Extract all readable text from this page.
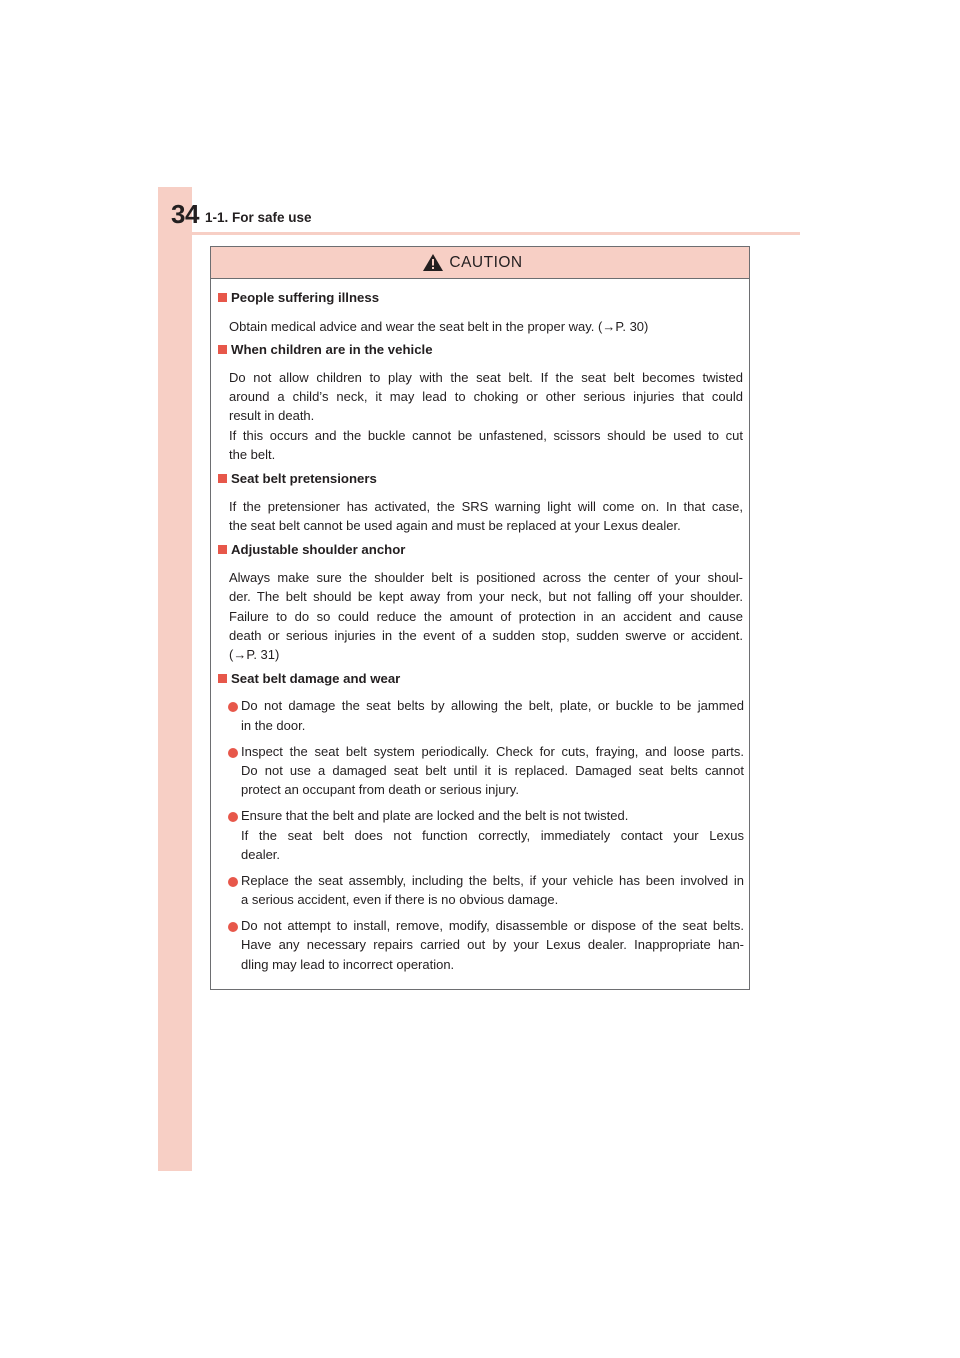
34 1-1. For safe use
CAUTION
People suffering illness
Obtain medical advice and wear the seat belt in the proper way. (→P. 30)
When children are in the vehicle
Do not allow children to play with the seat belt. If the seat belt becomes twisted
around a child’s neck, it may lead to choking or other serious injuries that could
result in death.
If this occurs and the buckle cannot be unfastened, scissors should be used to cut
the belt.
Seat belt pretensioners
If the pretensioner has activated, the SRS warning light will come on. In that case,
the seat belt cannot be used again and must be replaced at your Lexus dealer.
Adjustable shoulder anchor
Always make sure the shoulder belt is positioned across the center of your shoul-
der. The belt should be kept away from your neck, but not falling off your shoulder.
Failure to do so could reduce the amount of protection in an accident and cause
death or serious injuries in the event of a sudden stop, sudden swerve or accident.
(→P. 31)
Seat belt damage and wear
Do not damage the seat belts by allowing the belt, plate, or buckle to be jammed
in the door.
Inspect the seat belt system periodically. Check for cuts, fraying, and loose parts.
Do not use a damaged seat belt until it is replaced. Damaged seat belts cannot
protect an occupant from death or serious injury.
Ensure that the belt and plate are locked and the belt is not twisted.
If the seat belt does not function correctly, immediately contact your Lexus
dealer.
Replace the seat assembly, including the belts, if your vehicle has been involved in
a serious accident, even if there is no obvious damage.
Do not attempt to install, remove, modify, disassemble or dispose of the seat belts.
Have any necessary repairs carried out by your Lexus dealer. Inappropriate han-
dling may lead to incorrect operation.
